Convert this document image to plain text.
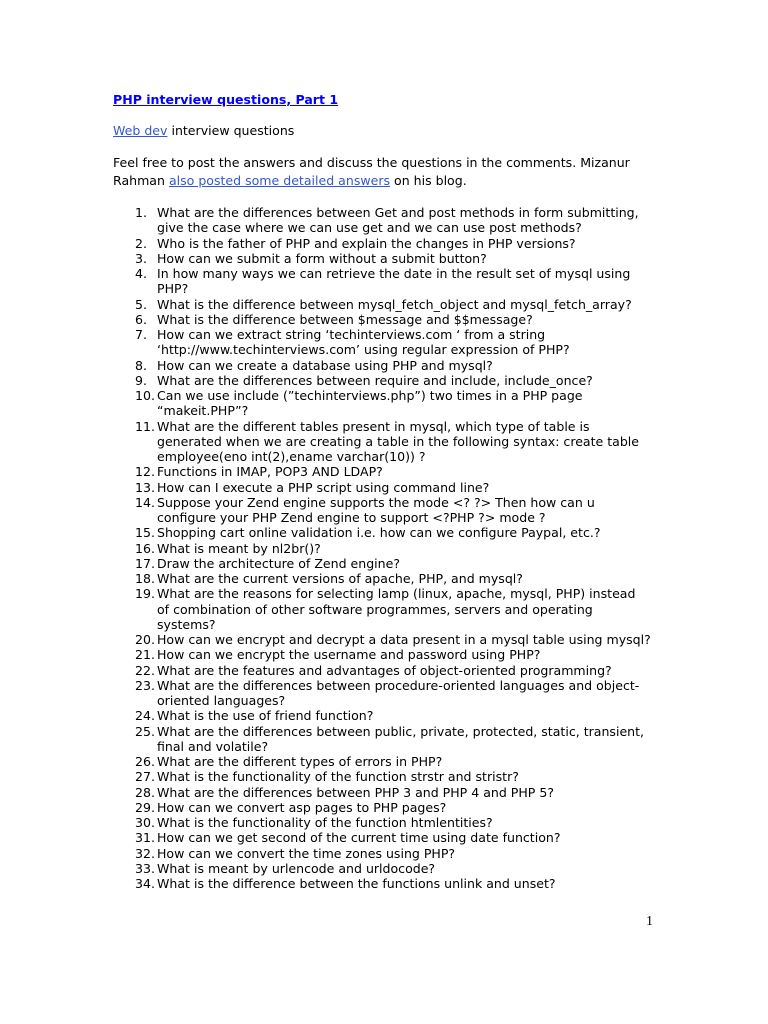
PHP interview questions, Part 1

Web dev interview questions

Feel free to post the answers and discuss the questions in the comments. Mizanur Rahman also posted some detailed answers on his blog.

1. What are the differences between Get and post methods in form submitting,
give the case where we can use get and we can use post methods?
2. Who is the father of PHP and explain the changes in PHP versions?
3. How can we submit a form without a submit button?
4. In how many ways we can retrieve the date in the result set of mysql using
PHP?
5. What is the difference between mysql_fetch_object and mysql_fetch_array?
6. What is the difference between $message and $$message?
7. How can we extract string ‘techinterviews.com ‘ from a string
‘http://www.techinterviews.com’ using regular expression of PHP?
8. How can we create a database using PHP and mysql?
9. What are the differences between require and include, include_once?
10. Can we use include (”techinterviews.php”) two times in a PHP page
“makeit.PHP”?
11. What are the different tables present in mysql, which type of table is
generated when we are creating a table in the following syntax: create table
employee(eno int(2),ename varchar(10)) ?
12. Functions in IMAP, POP3 AND LDAP?
13. How can I execute a PHP script using command line?
14. Suppose your Zend engine supports the mode <? ?> Then how can u
configure your PHP Zend engine to support <?PHP ?> mode ?
15. Shopping cart online validation i.e. how can we configure Paypal, etc.?
16. What is meant by nl2br()?
17. Draw the architecture of Zend engine?
18. What are the current versions of apache, PHP, and mysql?
19. What are the reasons for selecting lamp (linux, apache, mysql, PHP) instead
of combination of other software programmes, servers and operating
systems?
20. How can we encrypt and decrypt a data present in a mysql table using mysql?
21. How can we encrypt the username and password using PHP?
22. What are the features and advantages of object-oriented programming?
23. What are the differences between procedure-oriented languages and object-
oriented languages?
24. What is the use of friend function?
25. What are the differences between public, private, protected, static, transient,
final and volatile?
26. What are the different types of errors in PHP?
27. What is the functionality of the function strstr and stristr?
28. What are the differences between PHP 3 and PHP 4 and PHP 5?
29. How can we convert asp pages to PHP pages?
30. What is the functionality of the function htmlentities?
31. How can we get second of the current time using date function?
32. How can we convert the time zones using PHP?
33. What is meant by urlencode and urldocode?
34. What is the difference between the functions unlink and unset?
1
